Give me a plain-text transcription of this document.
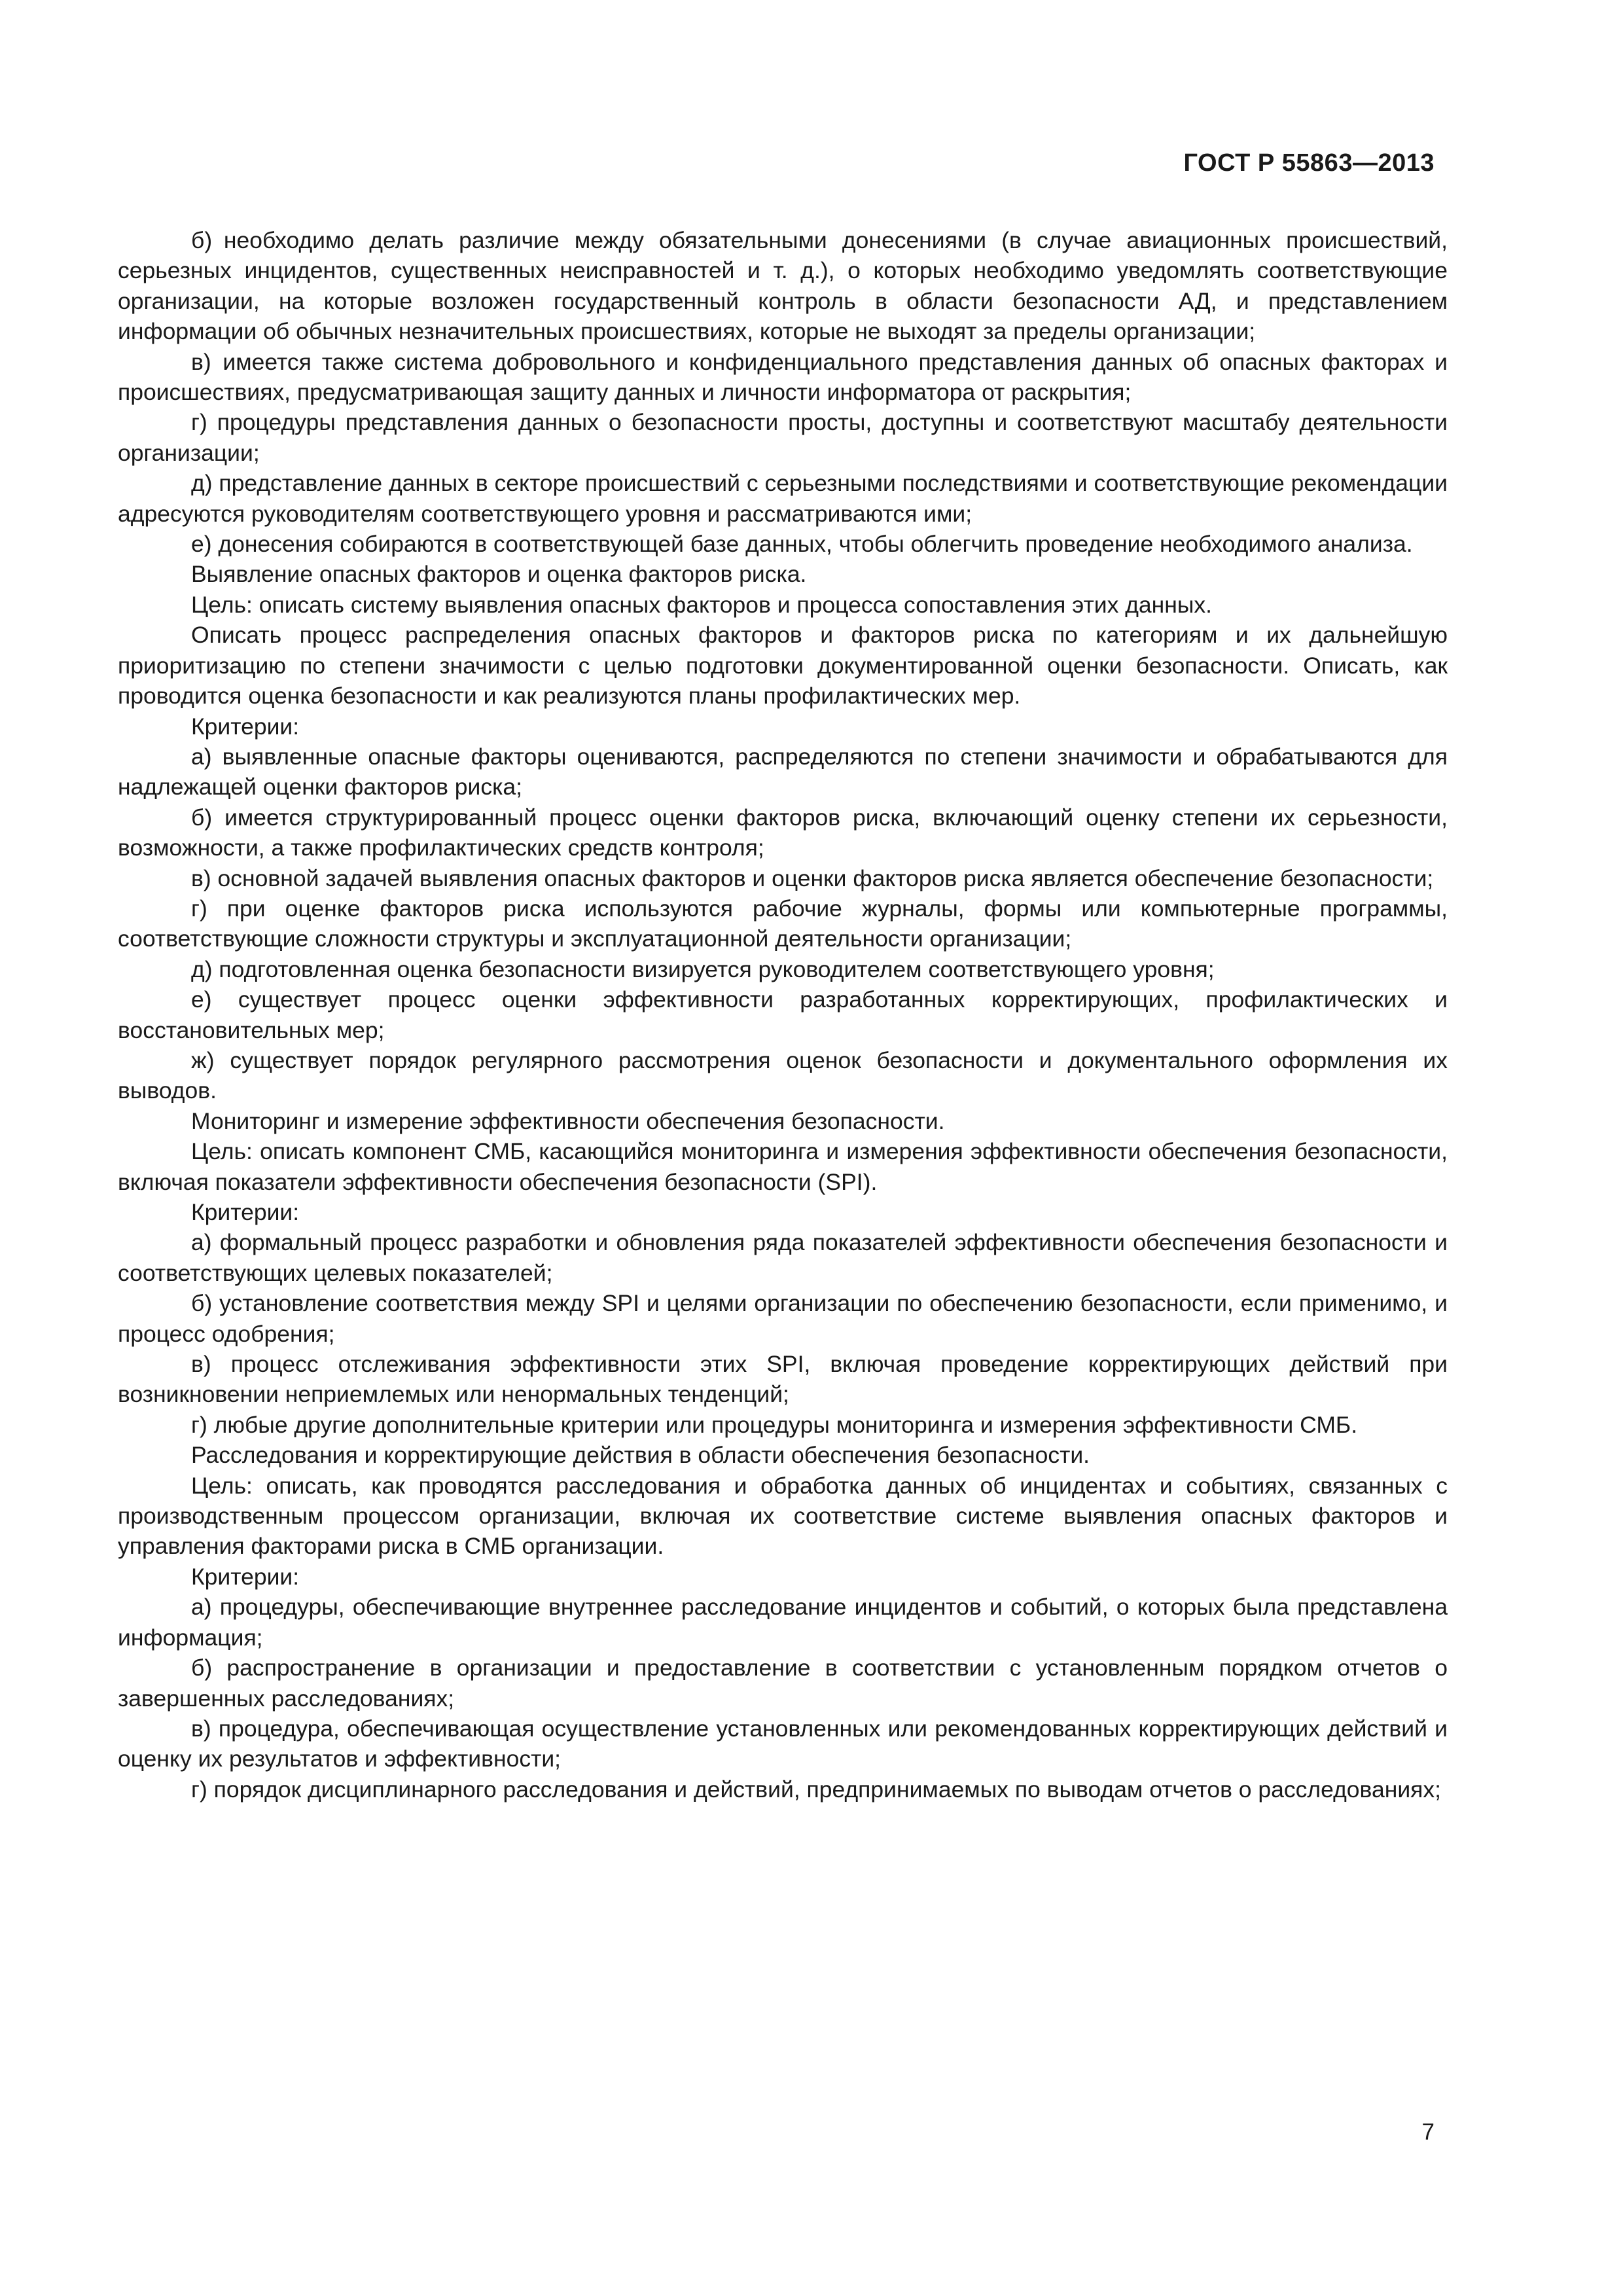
ГОСТ Р 55863—2013

б) необходимо делать различие между обязательными донесениями (в случае авиационных происшествий, серьезных инцидентов, существенных неисправностей и т. д.), о которых необходимо уведомлять соответствующие организации, на которые возложен государственный контроль в области безопасности АД, и представлением информации об обычных незначительных происшествиях, которые не выходят за пределы организации;

в) имеется также система добровольного и конфиденциального представления данных об опасных факторах и происшествиях, предусматривающая защиту данных и личности информатора от раскрытия;

г) процедуры представления данных о безопасности просты, доступны и соответствуют масштабу деятельности организации;

д) представление данных в секторе происшествий с серьезными последствиями и соответствующие рекомендации адресуются руководителям соответствующего уровня и рассматриваются ими;

е) донесения собираются в соответствующей базе данных, чтобы облегчить проведение необходимого анализа.

Выявление опасных факторов и оценка факторов риска.

Цель: описать систему выявления опасных факторов и процесса сопоставления этих данных.

Описать процесс распределения опасных факторов и факторов риска по категориям и их дальнейшую приоритизацию по степени значимости с целью подготовки документированной оценки безопасности. Описать, как проводится оценка безопасности и как реализуются планы профилактических мер.

Критерии:

а) выявленные опасные факторы оцениваются, распределяются по степени значимости и обрабатываются для надлежащей оценки факторов риска;

б) имеется структурированный процесс оценки факторов риска, включающий оценку степени их серьезности, возможности, а также профилактических средств контроля;

в) основной задачей выявления опасных факторов и оценки факторов риска является обеспечение безопасности;

г) при оценке факторов риска используются рабочие журналы, формы или компьютерные программы, соответствующие сложности структуры и эксплуатационной деятельности организации;

д) подготовленная оценка безопасности визируется руководителем соответствующего уровня;

е) существует процесс оценки эффективности разработанных корректирующих, профилактических и восстановительных мер;

ж) существует порядок регулярного рассмотрения оценок безопасности и документального оформления их выводов.

Мониторинг и измерение эффективности обеспечения безопасности.

Цель: описать компонент СМБ, касающийся мониторинга и измерения эффективности обеспечения безопасности, включая показатели эффективности обеспечения безопасности (SPI).

Критерии:

а) формальный процесс разработки и обновления ряда показателей эффективности обеспечения безопасности и соответствующих целевых показателей;

б) установление соответствия между SPI и целями организации по обеспечению безопасности, если применимо, и процесс одобрения;

в) процесс отслеживания эффективности этих SPI, включая проведение корректирующих действий при возникновении неприемлемых или ненормальных тенденций;

г) любые другие дополнительные критерии или процедуры мониторинга и измерения эффективности СМБ.

Расследования и корректирующие действия в области обеспечения безопасности.

Цель: описать, как проводятся расследования и обработка данных об инцидентах и событиях, связанных с производственным процессом организации, включая их соответствие системе выявления опасных факторов и управления факторами риска в СМБ организации.

Критерии:

а) процедуры, обеспечивающие внутреннее расследование инцидентов и событий, о которых была представлена информация;

б) распространение в организации и предоставление в соответствии с установленным порядком отчетов о завершенных расследованиях;

в) процедура, обеспечивающая осуществление установленных или рекомендованных корректирующих действий и оценку их результатов и эффективности;

г) порядок дисциплинарного расследования и действий, предпринимаемых по выводам отчетов о расследованиях;

7
